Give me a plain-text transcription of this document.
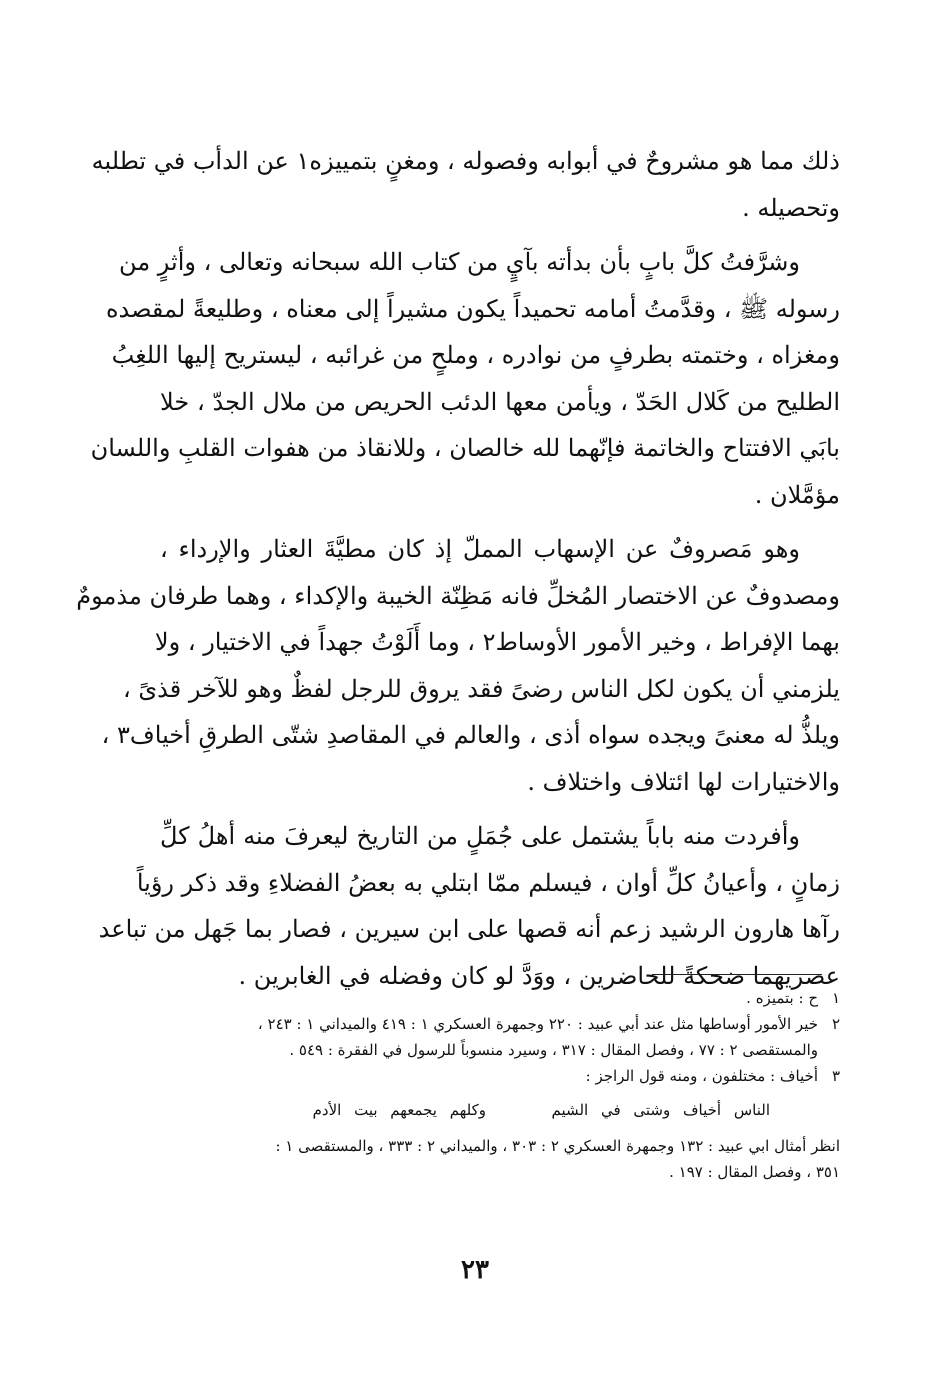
ذلك مما هو مشروحٌ في أبوابه وفصوله ، ومغنٍ بتمييزه١ عن الدأب في تطلبه
وتحصيله .
وشرَّفتُ كلَّ بابٍ بأن بدأته بآيٍ من كتاب الله سبحانه وتعالى ، وأثرٍ من
رسوله ﷺ ، وقدَّمتُ أمامه تحميداً يكون مشيراً إلى معناه ، وطليعةً لمقصده
ومغزاه ، وختمته بطرفٍ من نوادره ، وملحٍ من غرائبه ، ليستريح إليها اللغِبُ
الطليح من كَلال الحَدّ ، ويأمن معها الدئب الحريص من ملال الجدّ ، خلا
بابَي الافتتاح والخاتمة فإنّهما لله خالصان ، وللانقاذ من هفوات القلبِ واللسان
مؤمَّلان .
وهو مَصروفٌ عن الإسهاب المملّ إذ كان مطيَّةَ العثار والإرداء ،
ومصدوفٌ عن الاختصار المُخلِّ فانه مَظِنّة الخيبة والإكداء ، وهما طرفان مذمومٌ
بهما الإفراط ، وخير الأمور الأوساط٢ ، وما أَلَوْتُ جهداً في الاختيار ، ولا
يلزمني أن يكون لكل الناس رضىً فقد يروق للرجل لفظٌ وهو للآخر قذىً ،
ويلذُّ له معنىً ويجده سواه أذى ، والعالم في المقاصدِ شتّى الطرقِ أخياف٣ ،
والاختيارات لها ائتلاف واختلاف .
وأفردت منه باباً يشتمل على جُمَلٍ من التاريخ ليعرفَ منه أهلُ كلِّ
زمانٍ ، وأعيانُ كلِّ أوان ، فيسلم ممّا ابتلي به بعضُ الفضلاءِ وقد ذكر رؤياً
رآها هارون الرشيد زعم أنه قصها على ابن سيرين ، فصار بما جَهل من تباعد
عصريهما ضحكةً للحاضرين ، ووَدَّ لو كان وفضله في الغابرين .
١
ح : بتميزه .
٢
خير الأمور أوساطها مثل عند أبي عبيد : ٢٢٠ وجمهرة العسكري ١ : ٤١٩ والميداني ١ : ٢٤٣ ،
والمستقصى ٢ : ٧٧ ، وفصل المقال : ٣١٧ ، وسيرد منسوباً للرسول في الفقرة : ٥٤٩ .
٣
أخياف : مختلفون ، ومنه قول الراجز :
الناس أخياف وشتى في الشيم  وكلهم يجمعهم بيت الأدم
انظر أمثال ابي عبيد : ١٣٢ وجمهرة العسكري ٢ : ٣٠٣ ، والميداني ٢ : ٣٣٣ ، والمستقصى ١ :
٣٥١ ، وفصل المقال : ١٩٧ .
٢٣
